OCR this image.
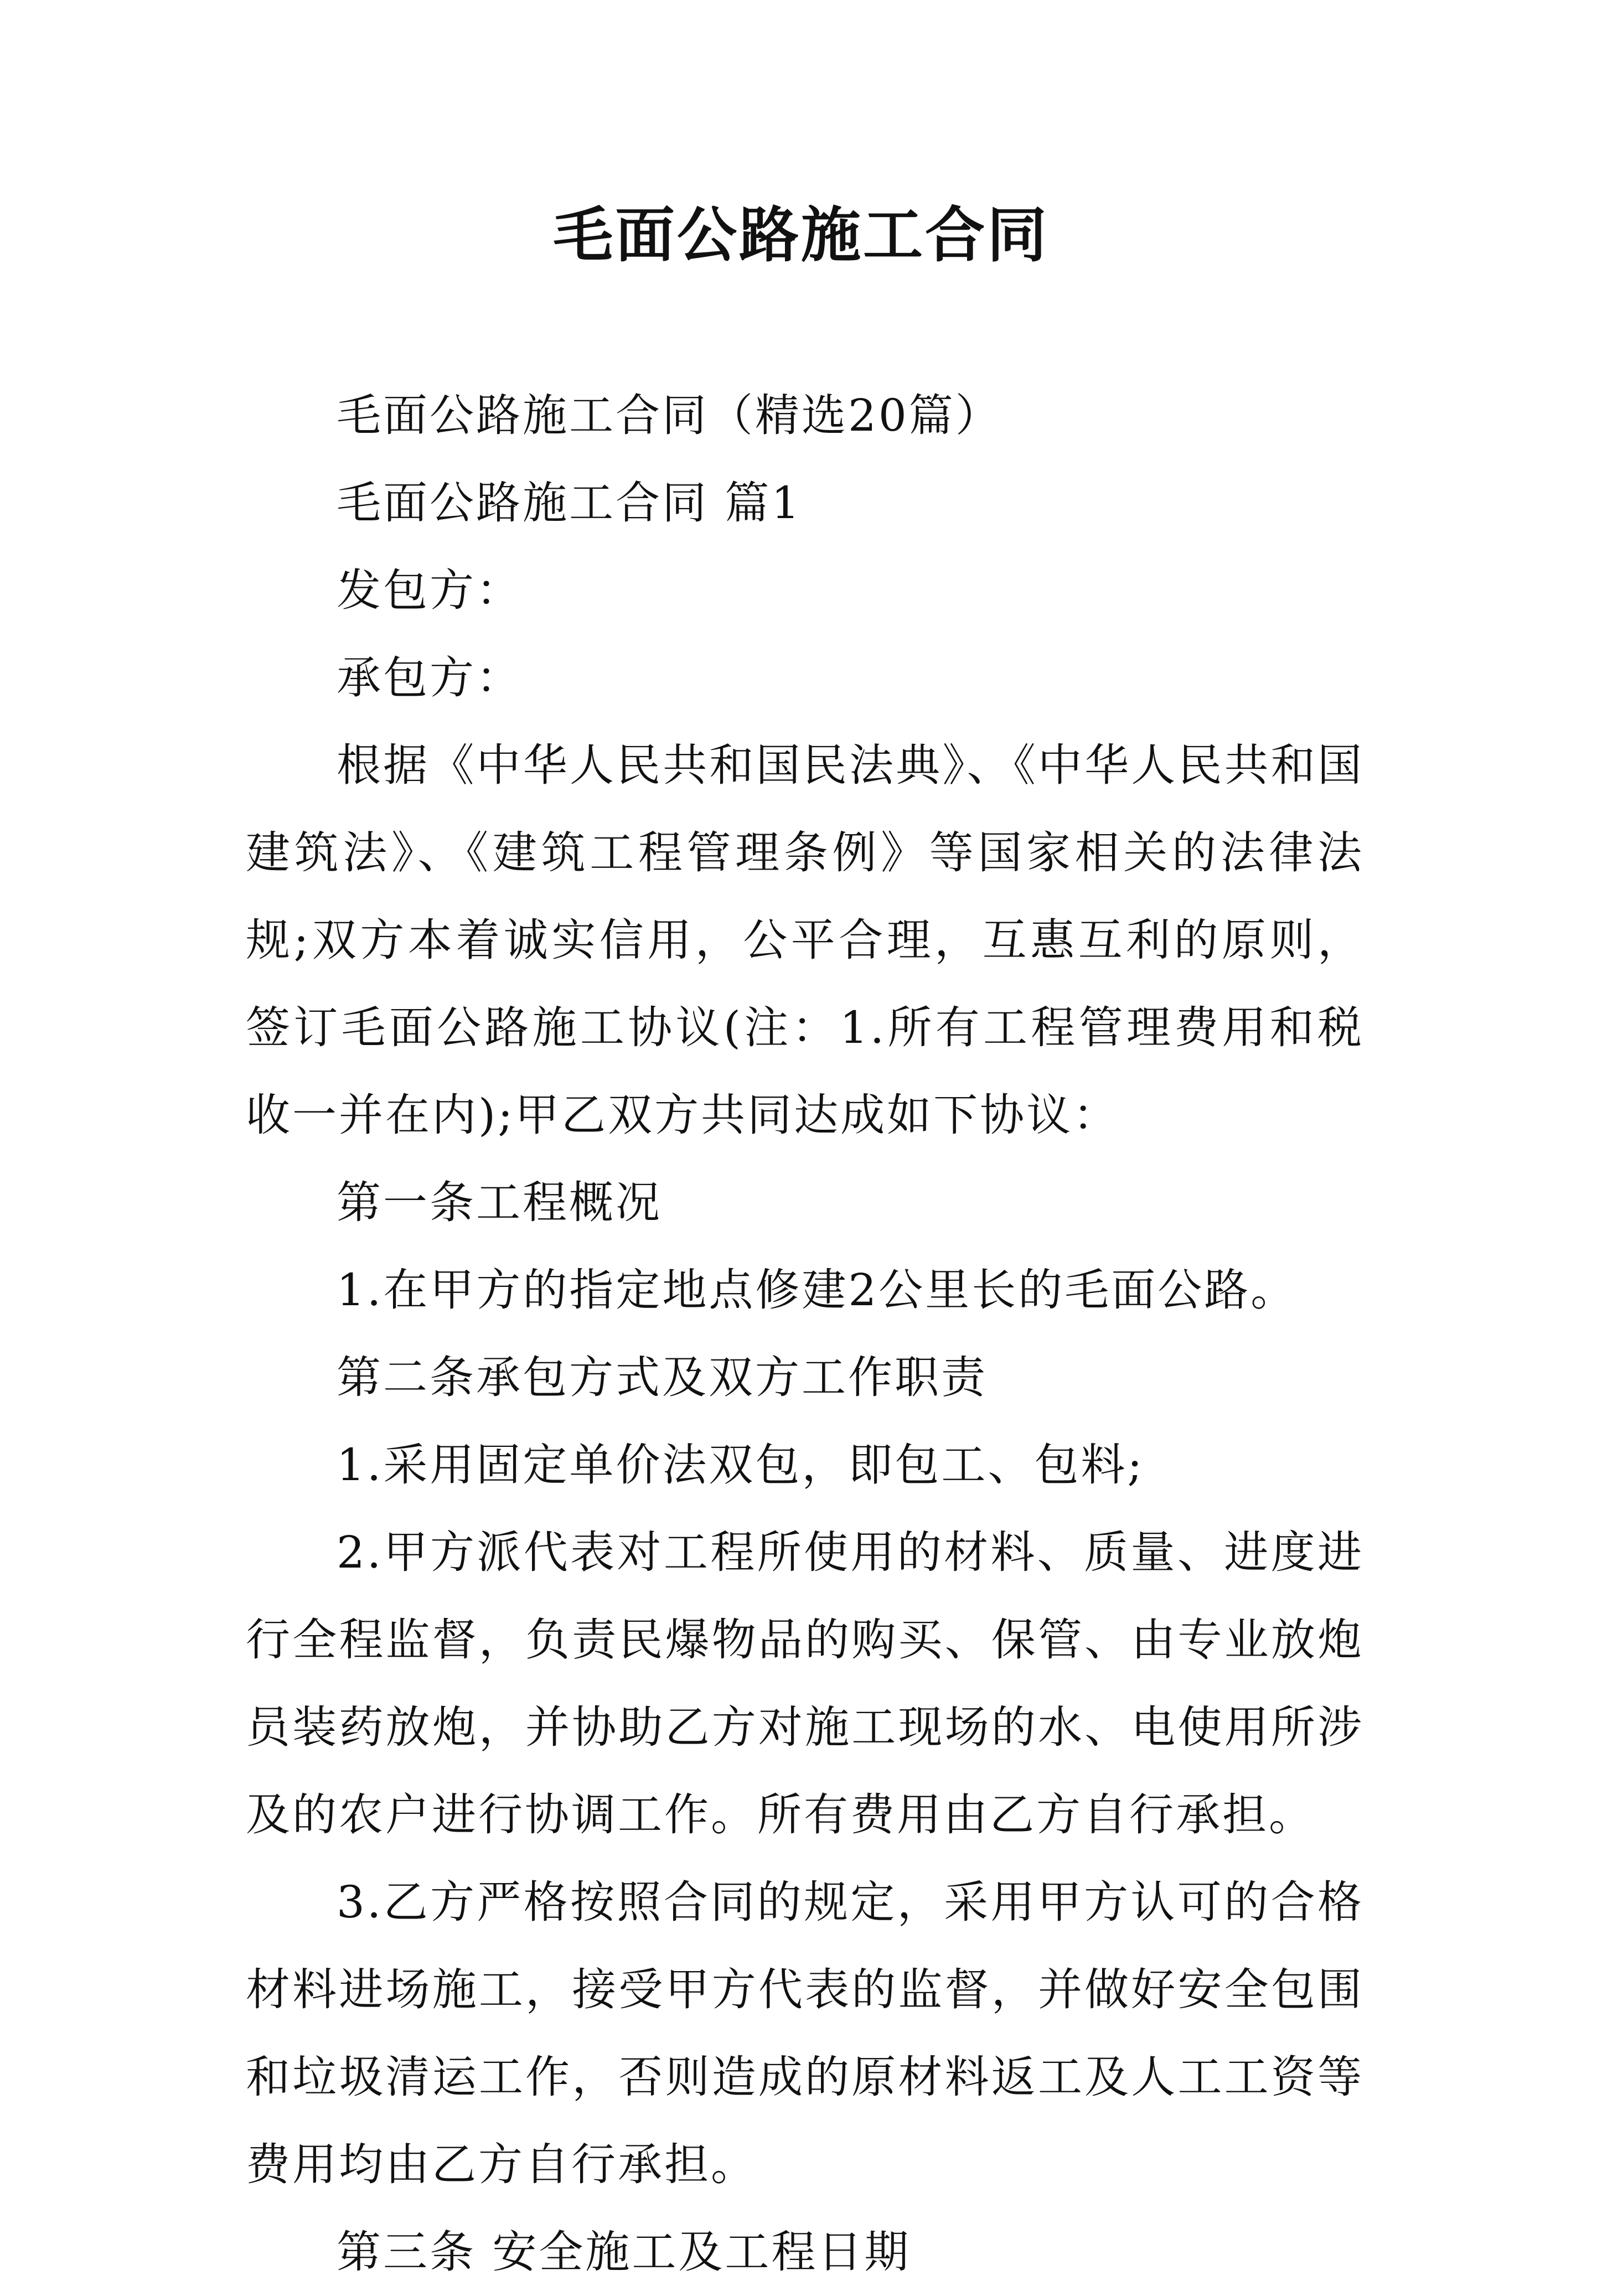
毛面公路施工合同

毛面公路施工合同（精选20篇）

毛面公路施工合同 篇1

发包方：

承包方：

根据《中华人民共和国民法典》、《中华人民共和国建筑法》、《建筑工程管理条例》等国家相关的法律法规;双方本着诚实信用，公平合理，互惠互利的原则，签订毛面公路施工协议(注：1.所有工程管理费用和税收一并在内);甲乙双方共同达成如下协议：

第一条工程概况

1.在甲方的指定地点修建2公里长的毛面公路。

第二条承包方式及双方工作职责

1.采用固定单价法双包，即包工、包料;

2.甲方派代表对工程所使用的材料、质量、进度进行全程监督，负责民爆物品的购买、保管、由专业放炮员装药放炮，并协助乙方对施工现场的水、电使用所涉及的农户进行协调工作。所有费用由乙方自行承担。

3.乙方严格按照合同的规定，采用甲方认可的合格材料进场施工，接受甲方代表的监督，并做好安全包围和垃圾清运工作，否则造成的原材料返工及人工工资等费用均由乙方自行承担。

第三条 安全施工及工程日期
